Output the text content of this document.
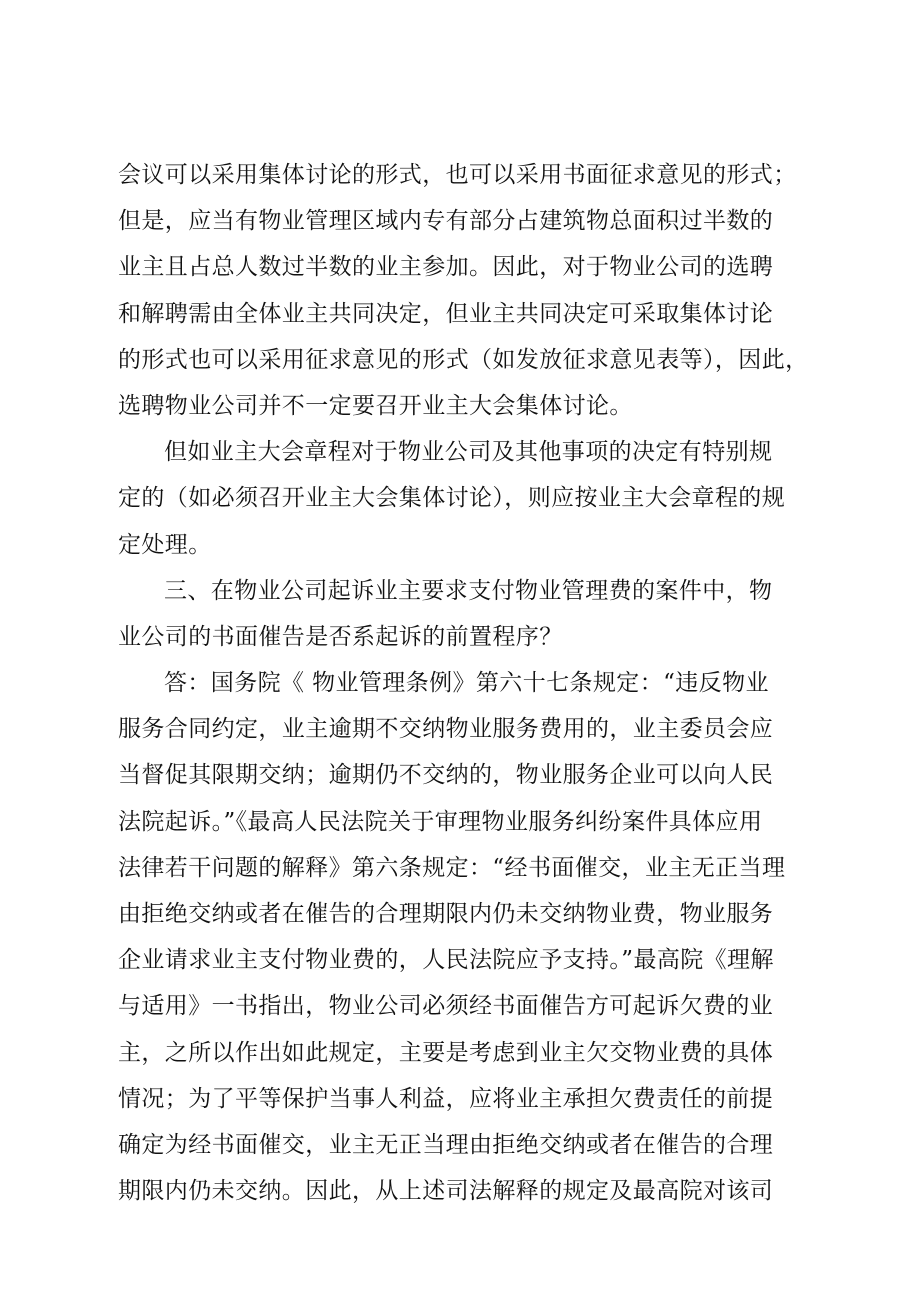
会议可以采用集体讨论的形式，也可以采用书面征求意见的形式；
但是，应当有物业管理区域内专有部分占建筑物总面积过半数的
业主且占总人数过半数的业主参加。因此，对于物业公司的选聘
和解聘需由全体业主共同决定，但业主共同决定可采取集体讨论
的形式也可以采用征求意见的形式（如发放征求意见表等），因此，
选聘物业公司并不一定要召开业主大会集体讨论。
但如业主大会章程对于物业公司及其他事项的决定有特别规
定的（如必须召开业主大会集体讨论），则应按业主大会章程的规
定处理。
三、在物业公司起诉业主要求支付物业管理费的案件中，物
业公司的书面催告是否系起诉的前置程序？
答：国务院《 物业管理条例》第六十七条规定：“违反物业
服务合同约定，业主逾期不交纳物业服务费用的，业主委员会应
当督促其限期交纳；逾期仍不交纳的，物业服务企业可以向人民
法院起诉。”《最高人民法院关于审理物业服务纠纷案件具体应用
法律若干问题的解释》第六条规定：“经书面催交，业主无正当理
由拒绝交纳或者在催告的合理期限内仍未交纳物业费，物业服务
企业请求业主支付物业费的，人民法院应予支持。”最高院《理解
与适用》一书指出，物业公司必须经书面催告方可起诉欠费的业
主，之所以作出如此规定，主要是考虑到业主欠交物业费的具体
情况；为了平等保护当事人利益，应将业主承担欠费责任的前提
确定为经书面催交，业主无正当理由拒绝交纳或者在催告的合理
期限内仍未交纳。因此，从上述司法解释的规定及最高院对该司
